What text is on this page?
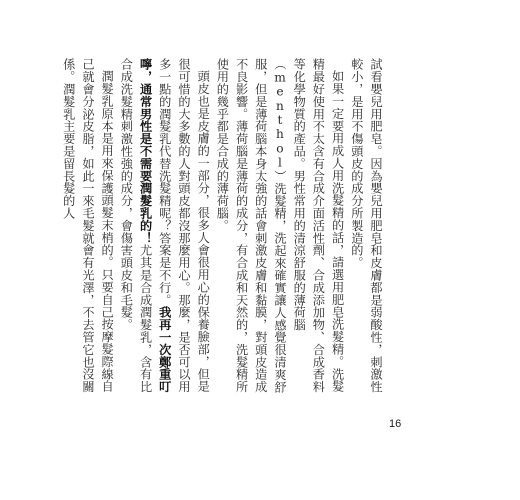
試看嬰兒用肥皂。因為嬰兒用肥皂和皮膚都是弱酸性，刺激性較小，是用不傷頭皮的成分所製造的。

如果一定要用成人用洗髮精的話，請選用肥皂洗髮精。洗髮精最好使用不太含有合成介面活性劑、合成添加物、合成香料等化學物質的產品。男性常用的清涼舒服的薄荷腦（menthol）洗髮精，洗起來確實讓人感覺很清爽舒服，但是薄荷腦本身太強的話會刺激皮膚和黏膜，對頭皮造成不良影響。薄荷腦是薄荷的成分，有合成和天然的，洗髮精所使用的幾乎都是合成的薄荷腦。

頭皮也是皮膚的一部分，很多人會很用心的保養臉部，但是很可惜的大多數的人對頭皮都沒那麼用心。那麼，是否可以用多一點的潤髮乳代替洗髮精呢？答案是不行。我再一次鄭重叮嚀，通常男性是不需要潤髮乳的！尤其是合成潤髮乳，含有比合成洗髮精刺激性強的成分，會傷害頭皮和毛髮。

潤髮乳原本是用來保護頭髮末梢的。只要自己按摩髮際線自己就會分泌皮脂，如此一來毛髮就會有光澤，不去管它也沒關係。潤髮乳主要是留長髮的人

16
